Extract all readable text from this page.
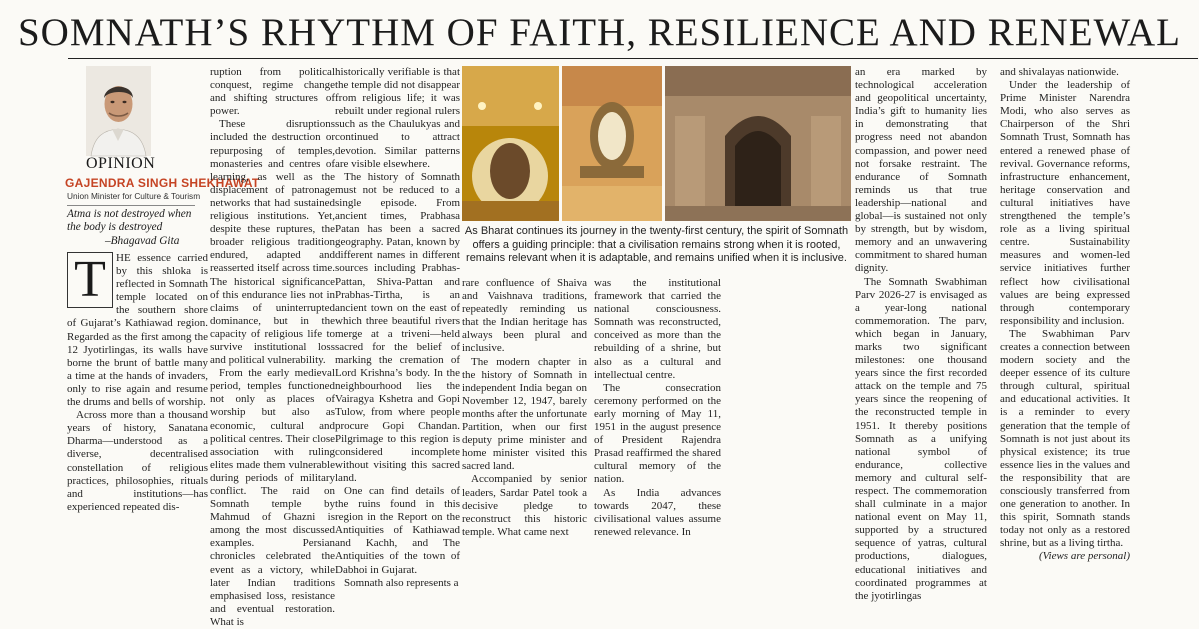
SOMNATH’S RHYTHM OF FAITH, RESILIENCE AND RENEWAL
OPINION
GAJENDRA SINGH SHEKHAWAT
Union Minister for Culture & Tourism
Atma is not destroyed when the body is destroyed
–Bhagavad Gita
T HE essence carried by this shloka is reflected in Somnath temple located on the southern shore of Gujarat’s Kathiawad region. Regarded as the first among the 12 Jyotirlingas, its walls have borne the brunt of battle many a time at the hands of invaders, only to rise again and resume the drums and bells of worship.

Across more than a thousand years of history, Sanatana Dharma—understood as a diverse, decentralised constellation of religious practices, philosophies, rituals and institutions—has experienced repeated dis-

ruption from political conquest, regime change and shifting structures of power.

These disruptions included the destruction or repurposing of temples, monasteries and centres of learning, as well as the displacement of patronage networks that had sustained religious institutions. Yet, despite these ruptures, the broader religious tradition endured, adapted and reasserted itself across time. The historical significance of this endurance lies not in claims of uninterrupted dominance, but in the capacity of religious life to survive institutional loss and political vulnerability.

From the early medieval period, temples functioned not only as places of worship but also as economic, cultural and political centres. Their close association with ruling elites made them vulnerable during periods of military conflict. The raid on Somnath temple by Mahmud of Ghazni is among the most discussed examples. Persian chronicles celebrated the event as a victory, while later Indian traditions emphasised loss, resistance and eventual restoration. What is

historically verifiable is that the temple did not disappear from religious life; it was rebuilt under regional rulers such as the Chaulukyas and continued to attract devotion. Similar patterns are visible elsewhere.

The history of Somnath must not be reduced to a single episode. From ancient times, Prabhasa Patan has been a sacred geography. Patan, known by different names in different sources including Prabhas-Pattan, Shiva-Pattan and Prabhas-Tirtha, is an ancient town on the east of which three beautiful rivers merge at a triveni—held sacred for the belief of marking the cremation of Lord Krishna’s body. In the neighbourhood lies the Vairagya Kshetra and Gopi Tulow, from where people procure Gopi Chandan. Pilgrimage to this region is considered incomplete without visiting this sacred land.

One can find details of the ruins found in this region in the Report on the Antiquities of Kathiawad and Kachh, and The Antiquities of the town of Dabhoi in Gujarat.

Somnath also represents a

As Bharat continues its journey in the twenty-first century, the spirit of Somnath offers a guiding principle: that a civilisation remains strong when it is rooted, remains relevant when it is adaptable, and remains unified when it is inclusive.

rare confluence of Shaiva and Vaishnava traditions, repeatedly reminding us that the Indian heritage has always been plural and inclusive.

The modern chapter in the history of Somnath in independent India began on November 12, 1947, barely months after the unfortunate Partition, when our first deputy prime minister and home minister visited this sacred land.

Accompanied by senior leaders, Sardar Patel took a decisive pledge to reconstruct this historic temple. What came next

was the institutional framework that carried the national consciousness. Somnath was reconstructed, conceived as more than the rebuilding of a shrine, but also as a cultural and intellectual centre.

The consecration ceremony performed on the early morning of May 11, 1951 in the august presence of President Rajendra Prasad reaffirmed the shared cultural memory of the nation.

As India advances towards 2047, these civilisational values assume renewed relevance. In

an era marked by technological acceleration and geopolitical uncertainty, India’s gift to humanity lies in demonstrating that progress need not abandon compassion, and power need not forsake restraint. The endurance of Somnath reminds us that true leadership—national and global—is sustained not only by strength, but by wisdom, memory and an unwavering commitment to shared human dignity.

The Somnath Swabhiman Parv 2026-27 is envisaged as a year-long national commemoration. The parv, which began in January, marks two significant milestones: one thousand years since the first recorded attack on the temple and 75 years since the reopening of the reconstructed temple in 1951. It thereby positions Somnath as a unifying national symbol of endurance, collective memory and cultural self-respect. The commemoration shall culminate in a major national event on May 11, supported by a structured sequence of yatras, cultural productions, dialogues, educational initiatives and coordinated programmes at the jyotirlingas

and shivalayas nationwide.

Under the leadership of Prime Minister Narendra Modi, who also serves as Chairperson of the Shri Somnath Trust, Somnath has entered a renewed phase of revival. Governance reforms, infrastructure enhancement, heritage conservation and cultural initiatives have strengthened the temple’s role as a living spiritual centre. Sustainability measures and women-led service initiatives further reflect how civilisational values are being expressed through contemporary responsibility and inclusion.

The Swabhiman Parv creates a connection between modern society and the deeper essence of its culture through cultural, spiritual and educational activities. It is a reminder to every generation that the temple of Somnath is not just about its physical existence; its true essence lies in the values and the responsibility that are consciously transferred from one generation to another. In this spirit, Somnath stands today not only as a restored shrine, but as a living tirtha.

(Views are personal)
